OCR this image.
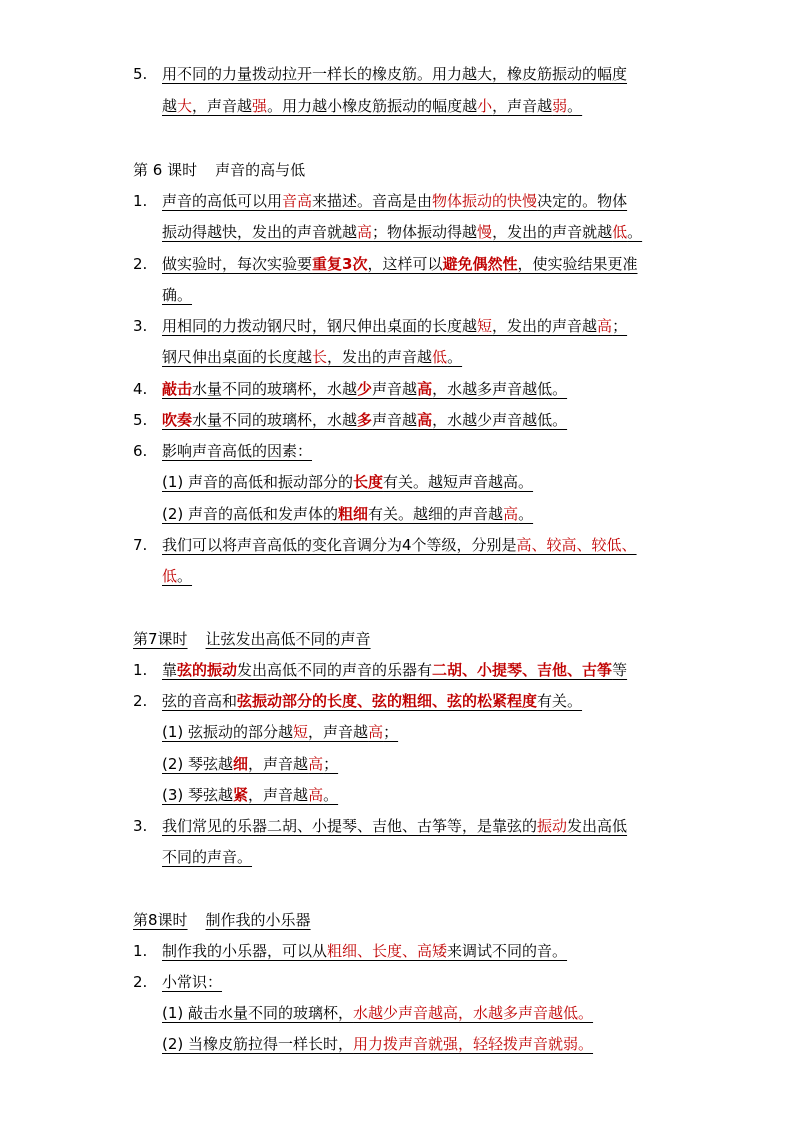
5. 用不同的力量拨动拉开一样长的橡皮筋。用力越大，橡皮筋振动的幅度
越大，声音越强。用力越小橡皮筋振动的幅度越小，声音越弱。
第 6 课时 声音的高与低
1. 声音的高低可以用音高来描述。音高是由物体振动的快慢决定的。物体
振动得越快，发出的声音就越高；物体振动得越慢，发出的声音就越低。
2. 做实验时，每次实验要重复3次，这样可以避免偶然性，使实验结果更准
确。
3. 用相同的力拨动钢尺时，钢尺伸出桌面的长度越短，发出的声音越高；
钢尺伸出桌面的长度越长，发出的声音越低。
4. 敲击水量不同的玻璃杯，水越少声音越高，水越多声音越低。
5. 吹奏水量不同的玻璃杯，水越多声音越高，水越少声音越低。
6. 影响声音高低的因素：
(1) 声音的高低和振动部分的长度有关。越短声音越高。
(2) 声音的高低和发声体的粗细有关。越细的声音越高。
7. 我们可以将声音高低的变化音调分为4个等级，分别是高、较高、较低、
低。
第7课时 让弦发出高低不同的声音
1. 靠弦的振动发出高低不同的声音的乐器有二胡、小提琴、吉他、古筝等
2. 弦的音高和弦振动部分的长度、弦的粗细、弦的松紧程度有关。
(1) 弦振动的部分越短，声音越高；
(2) 琴弦越细，声音越高；
(3) 琴弦越紧，声音越高。
3. 我们常见的乐器二胡、小提琴、吉他、古筝等，是靠弦的振动发出高低
不同的声音。
第8课时 制作我的小乐器
1. 制作我的小乐器，可以从粗细、长度、高矮来调试不同的音。
2. 小常识：
(1) 敲击水量不同的玻璃杯，水越少声音越高，水越多声音越低。
(2) 当橡皮筋拉得一样长时，用力拨声音就强，轻轻拨声音就弱。
